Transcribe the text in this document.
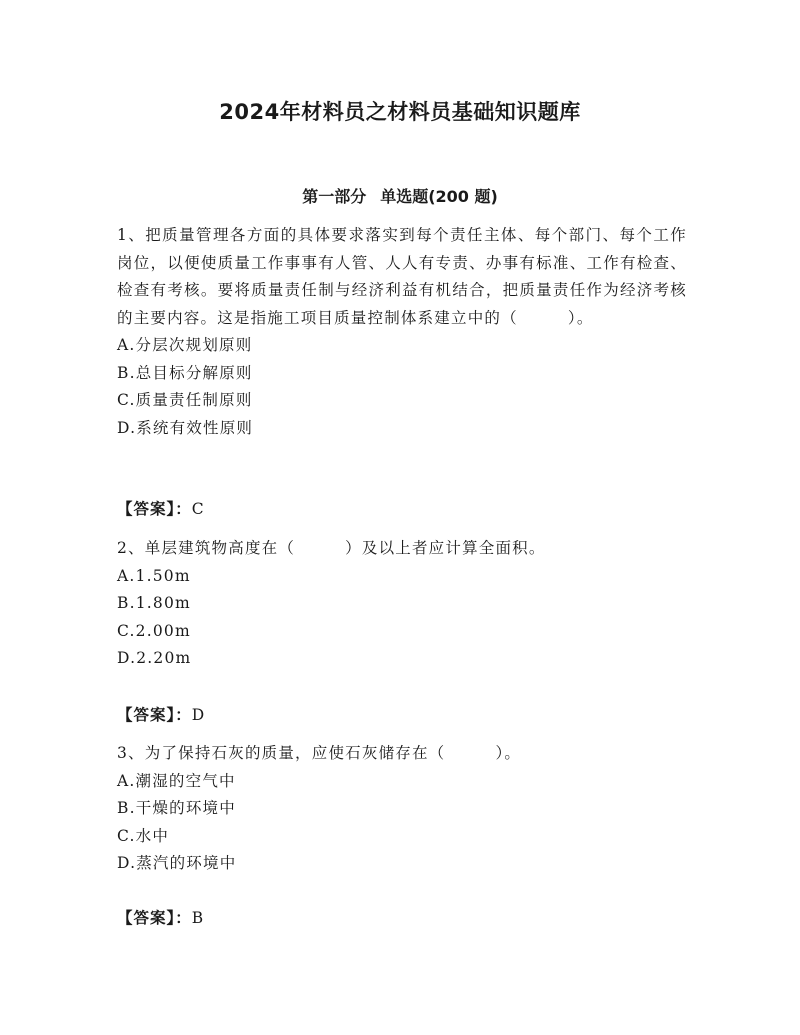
2024年材料员之材料员基础知识题库
第一部分 单选题(200 题)
1、把质量管理各方面的具体要求落实到每个责任主体、每个部门、每个工作岗位，以便使质量工作事事有人管、人人有专责、办事有标准、工作有检查、检查有考核。要将质量责任制与经济利益有机结合，把质量责任作为经济考核的主要内容。这是指施工项目质量控制体系建立中的（　　　）。
A.分层次规划原则
B.总目标分解原则
C.质量责任制原则
D.系统有效性原则
【答案】：C
2、单层建筑物高度在（　　　）及以上者应计算全面积。
A.1.50m
B.1.80m
C.2.00m
D.2.20m
【答案】：D
3、为了保持石灰的质量，应使石灰储存在（　　　）。
A.潮湿的空气中
B.干燥的环境中
C.水中
D.蒸汽的环境中
【答案】：B
